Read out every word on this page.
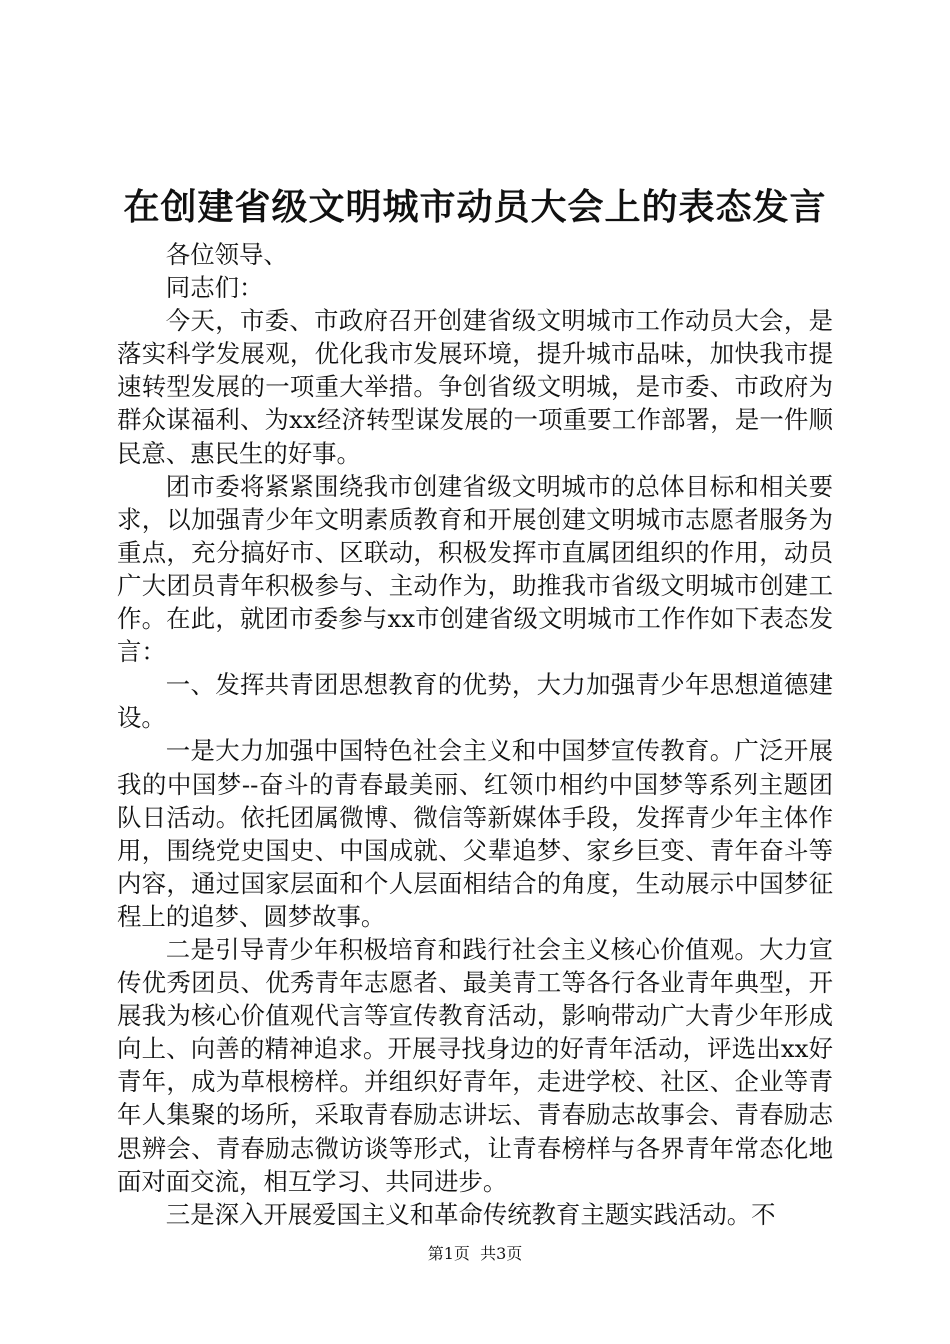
在创建省级文明城市动员大会上的表态发言

各位领导、

同志们：

今天，市委、市政府召开创建省级文明城市工作动员大会，是落实科学发展观，优化我市发展环境，提升城市品味，加快我市提速转型发展的一项重大举措。争创省级文明城，是市委、市政府为群众谋福利、为xx经济转型谋发展的一项重要工作部署，是一件顺民意、惠民生的好事。

团市委将紧紧围绕我市创建省级文明城市的总体目标和相关要求，以加强青少年文明素质教育和开展创建文明城市志愿者服务为重点，充分搞好市、区联动，积极发挥市直属团组织的作用，动员广大团员青年积极参与、主动作为，助推我市省级文明城市创建工作。在此，就团市委参与xx市创建省级文明城市工作作如下表态发言：

一、发挥共青团思想教育的优势，大力加强青少年思想道德建设。

一是大力加强中国特色社会主义和中国梦宣传教育。广泛开展我的中国梦--奋斗的青春最美丽、红领巾相约中国梦等系列主题团队日活动。依托团属微博、微信等新媒体手段，发挥青少年主体作用，围绕党史国史、中国成就、父辈追梦、家乡巨变、青年奋斗等内容，通过国家层面和个人层面相结合的角度，生动展示中国梦征程上的追梦、圆梦故事。

二是引导青少年积极培育和践行社会主义核心价值观。大力宣传优秀团员、优秀青年志愿者、最美青工等各行各业青年典型，开展我为核心价值观代言等宣传教育活动，影响带动广大青少年形成向上、向善的精神追求。开展寻找身边的好青年活动，评选出xx好青年，成为草根榜样。并组织好青年，走进学校、社区、企业等青年人集聚的场所，采取青春励志讲坛、青春励志故事会、青春励志思辨会、青春励志微访谈等形式，让青春榜样与各界青年常态化地面对面交流，相互学习、共同进步。

三是深入开展爱国主义和革命传统教育主题实践活动。不

第1页  共3页
